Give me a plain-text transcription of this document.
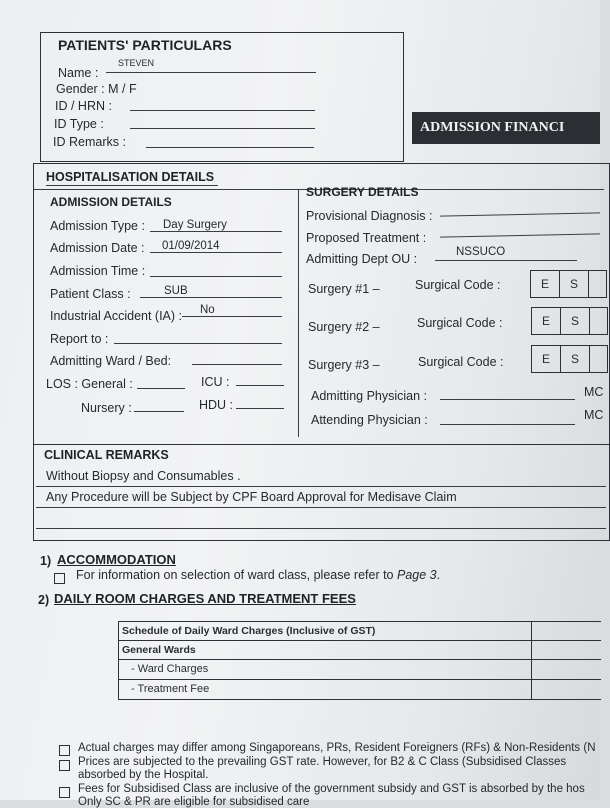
PATIENTS' PARTICULARS
Name :
STEVEN
Gender : M / F
ID / HRN :
ID Type :
ID Remarks :
ADMISSION FINANCI
HOSPITALISATION DETAILS
ADMISSION DETAILS
Admission Type : Day Surgery
Admission Date : 01/09/2014
Admission Time :
Patient Class :	SUB
Industrial Accident (IA) : No
Report to :
Admitting Ward / Bed:
LOS : General :	ICU :
Nursery :	HDU :
SURGERY DETAILS
Provisional Diagnosis :
Proposed Treatment :
Admitting Dept OU :	NSSUCO
Surgery #1 –	Surgical Code :	E	S
Surgery #2 –	Surgical Code :	E	S
Surgery #3 –	Surgical Code :	E	S
Admitting Physician :	MC
Attending Physician :	MC
CLINICAL REMARKS
Without Biopsy and Consumables .
Any Procedure will be Subject by CPF Board Approval for Medisave Claim
1) ACCOMMODATION
For information on selection of ward class, please refer to Page 3.
2) DAILY ROOM CHARGES AND TREATMENT FEES
Schedule of Daily Ward Charges (Inclusive of GST)
General Wards
- Ward Charges
- Treatment Fee
Actual charges may differ among Singaporeans, PRs, Resident Foreigners (RFs) & Non-Residents (N
Prices are subjected to the prevailing GST rate. However, for B2 & C Class (Subsidised Classes
absorbed by the Hospital.
Fees for Subsidised Class are inclusive of the government subsidy and GST is absorbed by the hos
Only SC & PR are eligible for subsidised care
